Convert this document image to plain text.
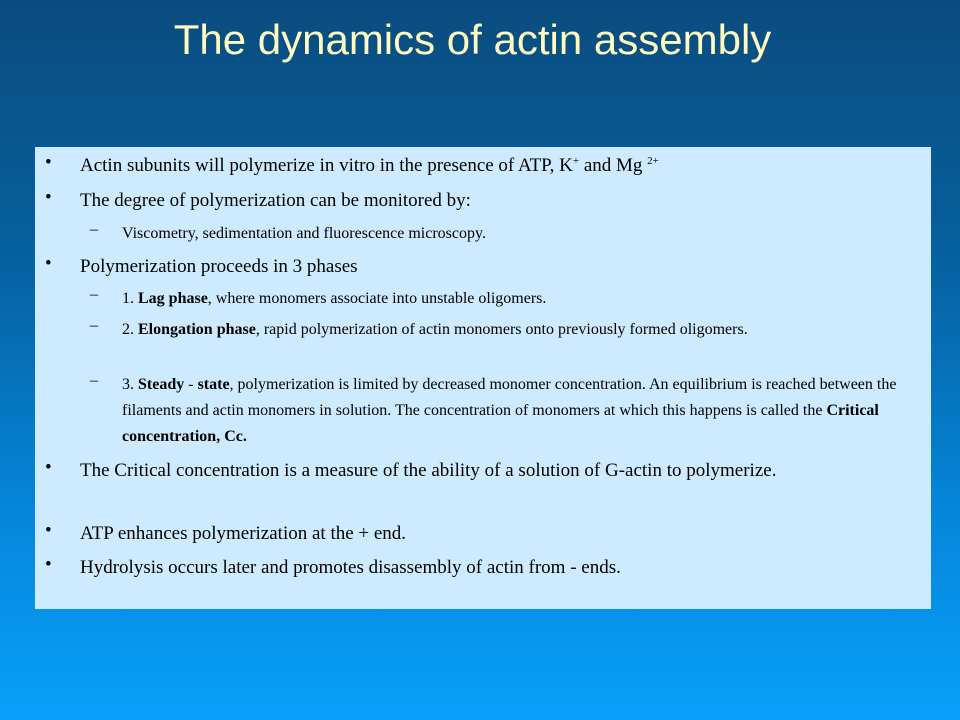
The dynamics of actin assembly
• Actin subunits will polymerize in vitro in the presence of ATP, K+ and Mg $^{2+}$
• The degree of polymerization can be monitored by:
– Viscometry, sedimentation and fluorescence microscopy.
• Polymerization proceeds in 3 phases
– 1. Lag phase, where monomers associate into unstable oligomers.
– 2. Elongation phase, rapid polymerization of actin monomers onto previously formed oligomers.
– 3. Steady - state, polymerization is limited by decreased monomer concentration. An equilibrium is reached between the filaments and actin monomers in solution. The concentration of monomers at which this happens is called the Critical concentration, Cc.
• The Critical concentration is a measure of the ability of a solution of G-actin to polymerize.
• ATP enhances polymerization at the + end.
• Hydrolysis occurs later and promotes disassembly of actin from - ends.
